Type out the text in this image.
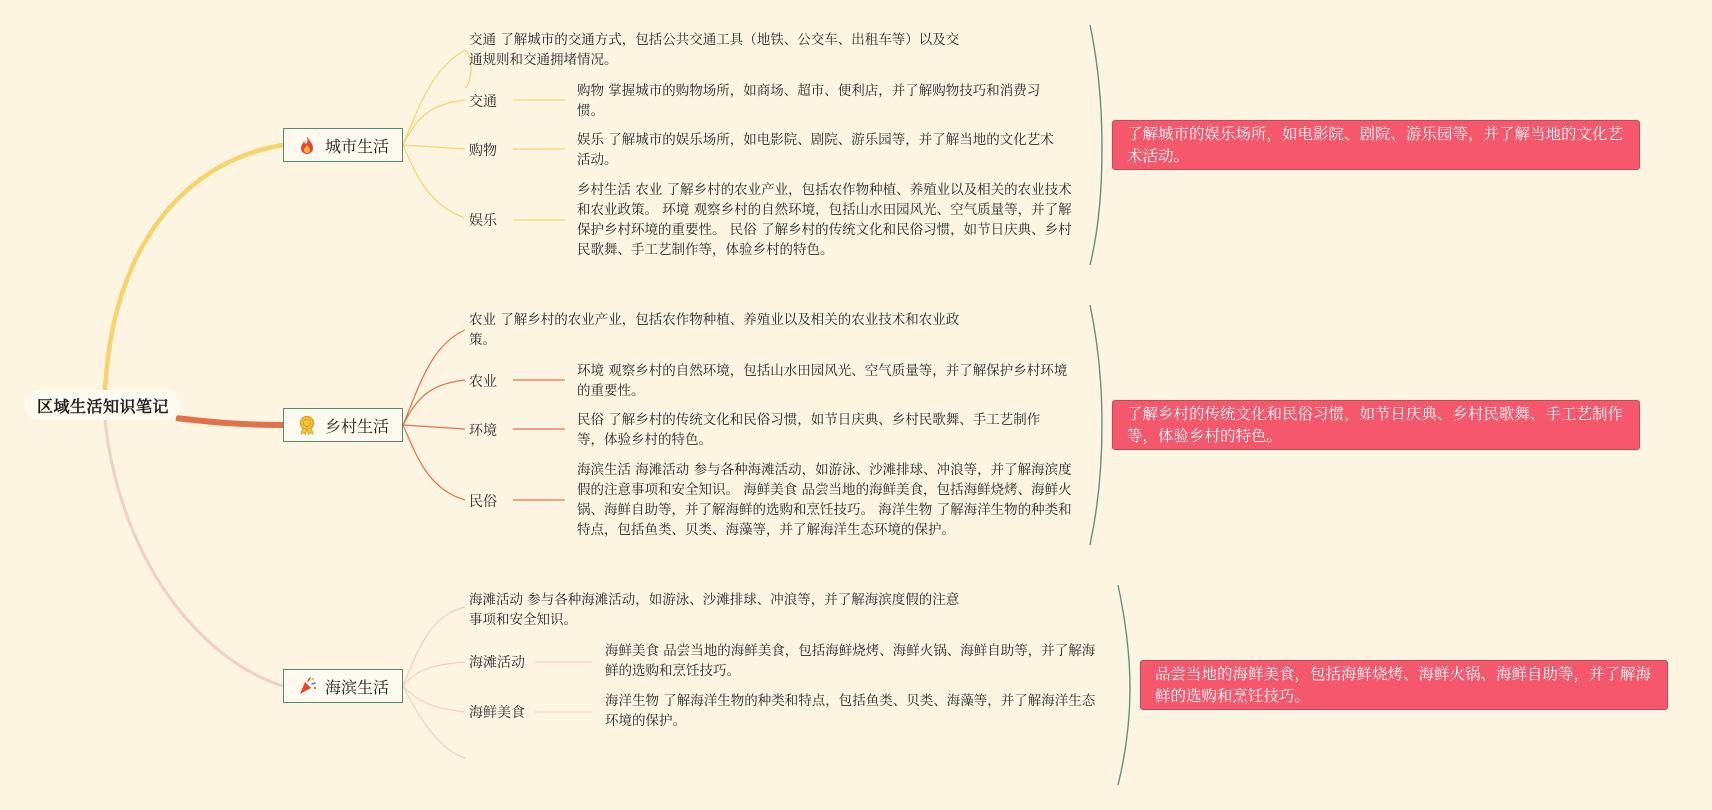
区域生活知识笔记
城市生活
交通 了解城市的交通方式，包括公共交通工具（地铁、公交车、出租车等）以及交通规则和交通拥堵情况。
交通
购物 掌握城市的购物场所，如商场、超市、便利店，并了解购物技巧和消费习惯。
购物
娱乐 了解城市的娱乐场所，如电影院、剧院、游乐园等，并了解当地的文化艺术活动。
娱乐
乡村生活 农业 了解乡村的农业产业，包括农作物种植、养殖业以及相关的农业技术和农业政策。 环境 观察乡村的自然环境，包括山水田园风光、空气质量等，并了解保护乡村环境的重要性。 民俗 了解乡村的传统文化和民俗习惯，如节日庆典、乡村民歌舞、手工艺制作等，体验乡村的特色。
了解城市的娱乐场所，如电影院、剧院、游乐园等，并了解当地的文化艺术活动。
乡村生活
农业 了解乡村的农业产业，包括农作物种植、养殖业以及相关的农业技术和农业政策。
农业
环境 观察乡村的自然环境，包括山水田园风光、空气质量等，并了解保护乡村环境的重要性。
环境
民俗 了解乡村的传统文化和民俗习惯，如节日庆典、乡村民歌舞、手工艺制作等，体验乡村的特色。
民俗
海滨生活 海滩活动 参与各种海滩活动，如游泳、沙滩排球、冲浪等，并了解海滨度假的注意事项和安全知识。 海鲜美食 品尝当地的海鲜美食，包括海鲜烧烤、海鲜火锅、海鲜自助等，并了解海鲜的选购和烹饪技巧。 海洋生物 了解海洋生物的种类和特点，包括鱼类、贝类、海藻等，并了解海洋生态环境的保护。
了解乡村的传统文化和民俗习惯，如节日庆典、乡村民歌舞、手工艺制作等，体验乡村的特色。
海滨生活
海滩活动 参与各种海滩活动，如游泳、沙滩排球、冲浪等，并了解海滨度假的注意事项和安全知识。
海滩活动
海鲜美食 品尝当地的海鲜美食，包括海鲜烧烤、海鲜火锅、海鲜自助等，并了解海鲜的选购和烹饪技巧。
海鲜美食
海洋生物 了解海洋生物的种类和特点，包括鱼类、贝类、海藻等，并了解海洋生态环境的保护。
品尝当地的海鲜美食，包括海鲜烧烤、海鲜火锅、海鲜自助等，并了解海鲜的选购和烹饪技巧。
